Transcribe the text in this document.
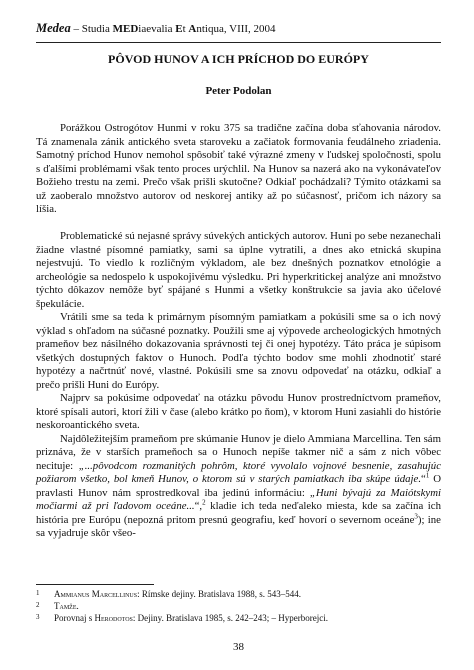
Medea – Studia MEDiaevalia Et Antiqua, VIII, 2004
PÔVOD HUNOV A ICH PRÍCHOD DO EURÓPY
Peter Podolan

Porážkou Ostrogótov Hunmi v roku 375 sa tradične začína doba sťahovania národov. Tá znamenala zánik antického sveta staroveku a začiatok formovania feudálneho zriadenia. Samotný príchod Hunov nemohol spôsobiť také výrazné zmeny v ľudskej spoločnosti, spolu s ďalšími problémami však tento proces urýchlil. Na Hunov sa nazerá ako na vykonávateľov Božieho trestu na zemi. Prečo však prišli skutočne? Odkiaľ pochádzali? Týmito otázkami sa už zaoberalo množstvo autorov od neskorej antiky až po súčasnosť, pričom ich názory sa líšia.

Problematické sú nejasné správy súvekých antických autorov. Huni po sebe nezanechali žiadne vlastné písomné pamiatky, sami sa úplne vytratili, a dnes ako etnická skupina nejestvujú. To viedlo k rozličným výkladom, ale bez dnešných poznatkov etnológie a archeológie sa nedospelo k uspokojivému výsledku. Pri hyperkritickej analýze ani množstvo týchto dôkazov nemôže byť spájané s Hunmi a všetky konštrukcie sa javia ako účelové špekulácie.

Vrátili sme sa teda k primárnym písomným pamiatkam a pokúsili sme sa o ich nový výklad s ohľadom na súčasné poznatky. Použili sme aj výpovede archeologických hmotných prameňov bez násilného dokazovania správnosti tej či onej hypotézy. Táto práca je súpisom všetkých dostupných faktov o Hunoch. Podľa týchto bodov sme mohli zhodnotiť staré hypotézy a načrtnúť nové, vlastné. Pokúsili sme sa znovu odpovedať na otázku, odkiaľ a prečo prišli Huni do Európy.

Najprv sa pokúsime odpovedať na otázku pôvodu Hunov prostredníctvom prameňov, ktoré spísali autori, ktorí žili v čase (alebo krátko po ňom), v ktorom Huni zasiahli do histórie neskoroantického sveta.

Najdôležitejším prameňom pre skúmanie Hunov je dielo Ammiana Marcellina. Ten sám priznáva, že v starších prameňoch sa o Hunoch nepíše takmer nič a sám z nich vôbec necituje: „...pôvodcom rozmanitých pohrôm, ktoré vyvolalo vojnové besnenie, zasahujúc požiarom všetko, bol kmeň Hunov, o ktorom sú v starých pamiatkach iba skúpe údaje.“$^1$ O pravlasti Hunov nám sprostredkoval iba jedinú informáciu: „Huni bývajú za Maiótskymi močiarmi až pri ľadovom oceáne...“,$^2$ kladie ich teda neďaleko miesta, kde sa začína ich história pre Európu (nepozná pritom presnú geografiu, keď hovorí o severnom oceáne$^3$); ine sa vyjadruje skôr všeo-

1	Ammianus Marcellinus: Rímske dejiny. Bratislava 1988, s. 543–544.
2	Tamže.
3	Porovnaj s Herodotos: Dejiny. Bratislava 1985, s. 242–243; – Hyperborejci.
38
